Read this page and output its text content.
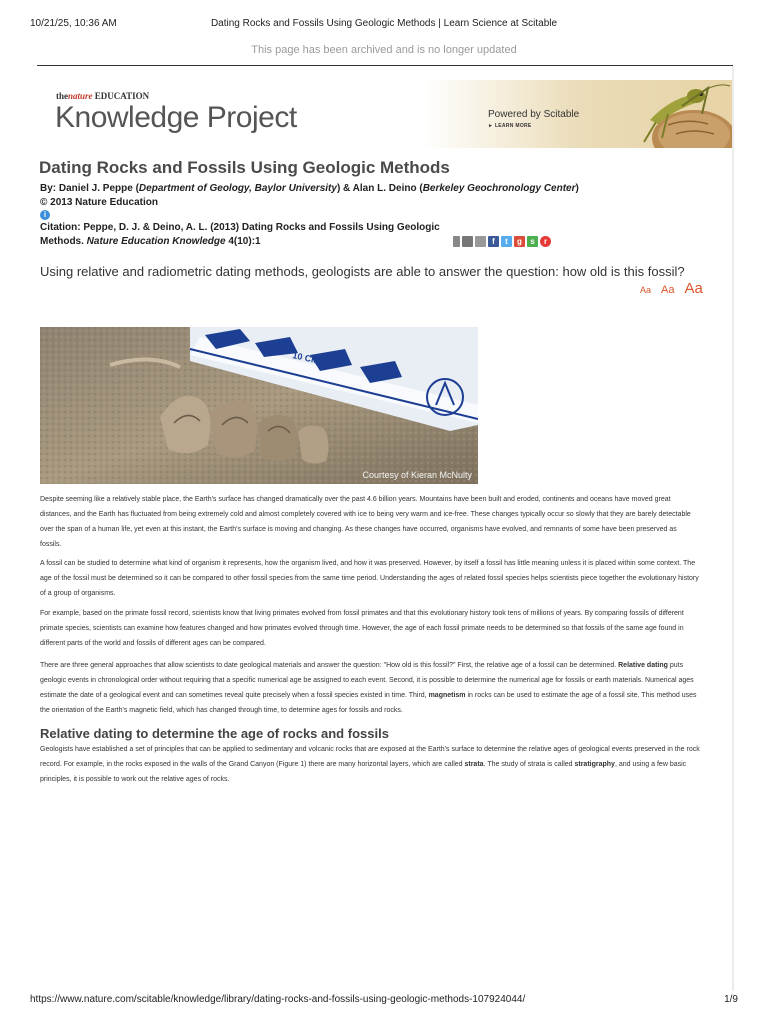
10/21/25, 10:36 AM	Dating Rocks and Fossils Using Geologic Methods | Learn Science at Scitable
This page has been archived and is no longer updated
thenature EDUCATION
Knowledge Project	Powered by Scitable
► LEARN MORE
Dating Rocks and Fossils Using Geologic Methods
By: Daniel J. Peppe (Department of Geology, Baylor University) & Alan L. Deino (Berkeley Geochronology Center) © 2013 Nature Education
i
Citation: Peppe, D. J. & Deino, A. L. (2013) Dating Rocks and Fossils Using Geologic Methods. Nature Education Knowledge 4(10):1	f	t	g	s	r
Using relative and radiometric dating methods, geologists are able to answer the question: how old is this fossil?
Aa Aa Aa
10 CM
Courtesy of Kieran McNulty

Despite seeming like a relatively stable place, the Earth's surface has changed dramatically over the past 4.6 billion years. Mountains have been built and eroded, continents and oceans have moved great distances, and the Earth has fluctuated from being extremely cold and almost completely covered with ice to being very warm and ice-free. These changes typically occur so slowly that they are barely detectable over the span of a human life, yet even at this instant, the Earth's surface is moving and changing. As these changes have occurred, organisms have evolved, and remnants of some have been preserved as fossils.

A fossil can be studied to determine what kind of organism it represents, how the organism lived, and how it was preserved. However, by itself a fossil has little meaning unless it is placed within some context. The age of the fossil must be determined so it can be compared to other fossil species from the same time period. Understanding the ages of related fossil species helps scientists piece together the evolutionary history of a group of organisms.

For example, based on the primate fossil record, scientists know that living primates evolved from fossil primates and that this evolutionary history took tens of millions of years. By comparing fossils of different primate species, scientists can examine how features changed and how primates evolved through time. However, the age of each fossil primate needs to be determined so that fossils of the same age found in different parts of the world and fossils of different ages can be compared.

There are three general approaches that allow scientists to date geological materials and answer the question: "How old is this fossil?" First, the relative age of a fossil can be determined. Relative dating puts geologic events in chronological order without requiring that a specific numerical age be assigned to each event. Second, it is possible to determine the numerical age for fossils or earth materials. Numerical ages estimate the date of a geological event and can sometimes reveal quite precisely when a fossil species existed in time. Third, magnetism in rocks can be used to estimate the age of a fossil site. This method uses the orientation of the Earth's magnetic field, which has changed through time, to determine ages for fossils and rocks.

Relative dating to determine the age of rocks and fossils

Geologists have established a set of principles that can be applied to sedimentary and volcanic rocks that are exposed at the Earth's surface to determine the relative ages of geological events preserved in the rock record. For example, in the rocks exposed in the walls of the Grand Canyon (Figure 1) there are many horizontal layers, which are called strata. The study of strata is called stratigraphy, and using a few basic principles, it is possible to work out the relative ages of rocks.

https://www.nature.com/scitable/knowledge/library/dating-rocks-and-fossils-using-geologic-methods-107924044/	1/9
